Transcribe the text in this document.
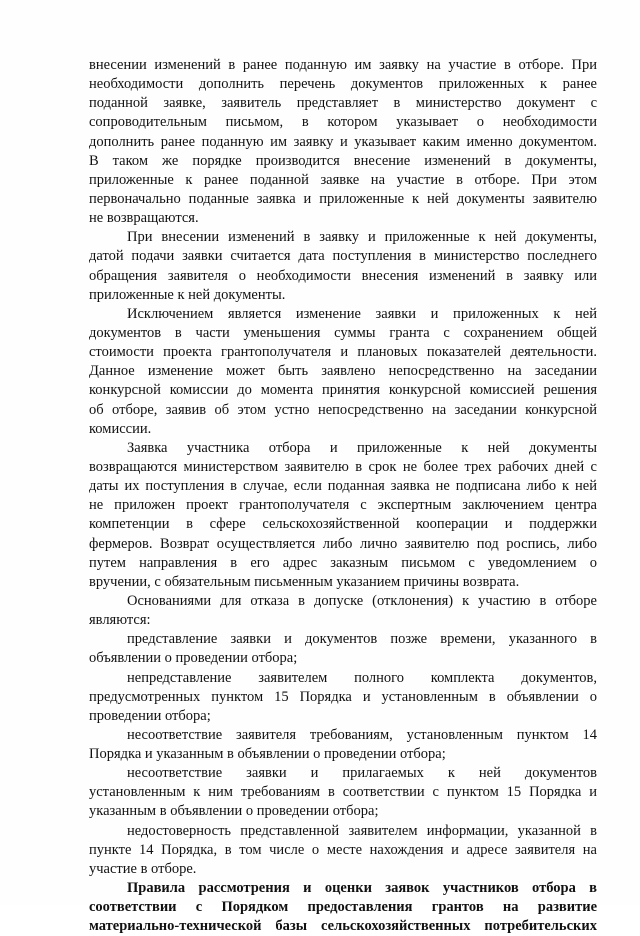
внесении изменений в ранее поданную им заявку на участие в отборе. При
необходимости дополнить перечень документов приложенных к ранее
поданной заявке, заявитель представляет в министерство документ с
сопроводительным письмом, в котором указывает о необходимости
дополнить ранее поданную им заявку и указывает каким именно документом.
В таком же порядке производится внесение изменений в документы,
приложенные к ранее поданной заявке на участие в отборе. При этом
первоначально поданные заявка и приложенные к ней документы заявителю
не возвращаются.
При внесении изменений в заявку и приложенные к ней документы,
датой подачи заявки считается дата поступления в министерство последнего
обращения заявителя о необходимости внесения изменений в заявку или
приложенные к ней документы.
Исключением является изменение заявки и приложенных к ней
документов в части уменьшения суммы гранта с сохранением общей
стоимости проекта грантополучателя и плановых показателей деятельности.
Данное изменение может быть заявлено непосредственно на заседании
конкурсной комиссии до момента принятия конкурсной комиссией решения
об отборе, заявив об этом устно непосредственно на заседании конкурсной
комиссии.
Заявка участника отбора и приложенные к ней документы
возвращаются министерством заявителю в срок не более трех рабочих дней с
даты их поступления в случае, если поданная заявка не подписана либо к ней
не приложен проект грантополучателя с экспертным заключением центра
компетенции в сфере сельскохозяйственной кооперации и поддержки
фермеров. Возврат осуществляется либо лично заявителю под роспись, либо
путем направления в его адрес заказным письмом с уведомлением о
вручении, с обязательным письменным указанием причины возврата.
Основаниями для отказа в допуске (отклонения) к участию в отборе
являются:
представление заявки и документов позже времени, указанного в
объявлении о проведении отбора;
непредставление заявителем полного комплекта документов,
предусмотренных пунктом 15 Порядка и установленным в объявлении о
проведении отбора;
несоответствие заявителя требованиям, установленным пунктом 14
Порядка и указанным в объявлении о проведении отбора;
несоответствие заявки и прилагаемых к ней документов
установленным к ним требованиям в соответствии с пунктом 15 Порядка и
указанным в объявлении о проведении отбора;
недостоверность представленной заявителем информации, указанной в
пункте 14 Порядка, в том числе о месте нахождения и адресе заявителя на
участие в отборе.
Правила рассмотрения и оценки заявок участников отбора в
соответствии с Порядком предоставления грантов на развитие
материально-технической базы сельскохозяйственных потребительских
